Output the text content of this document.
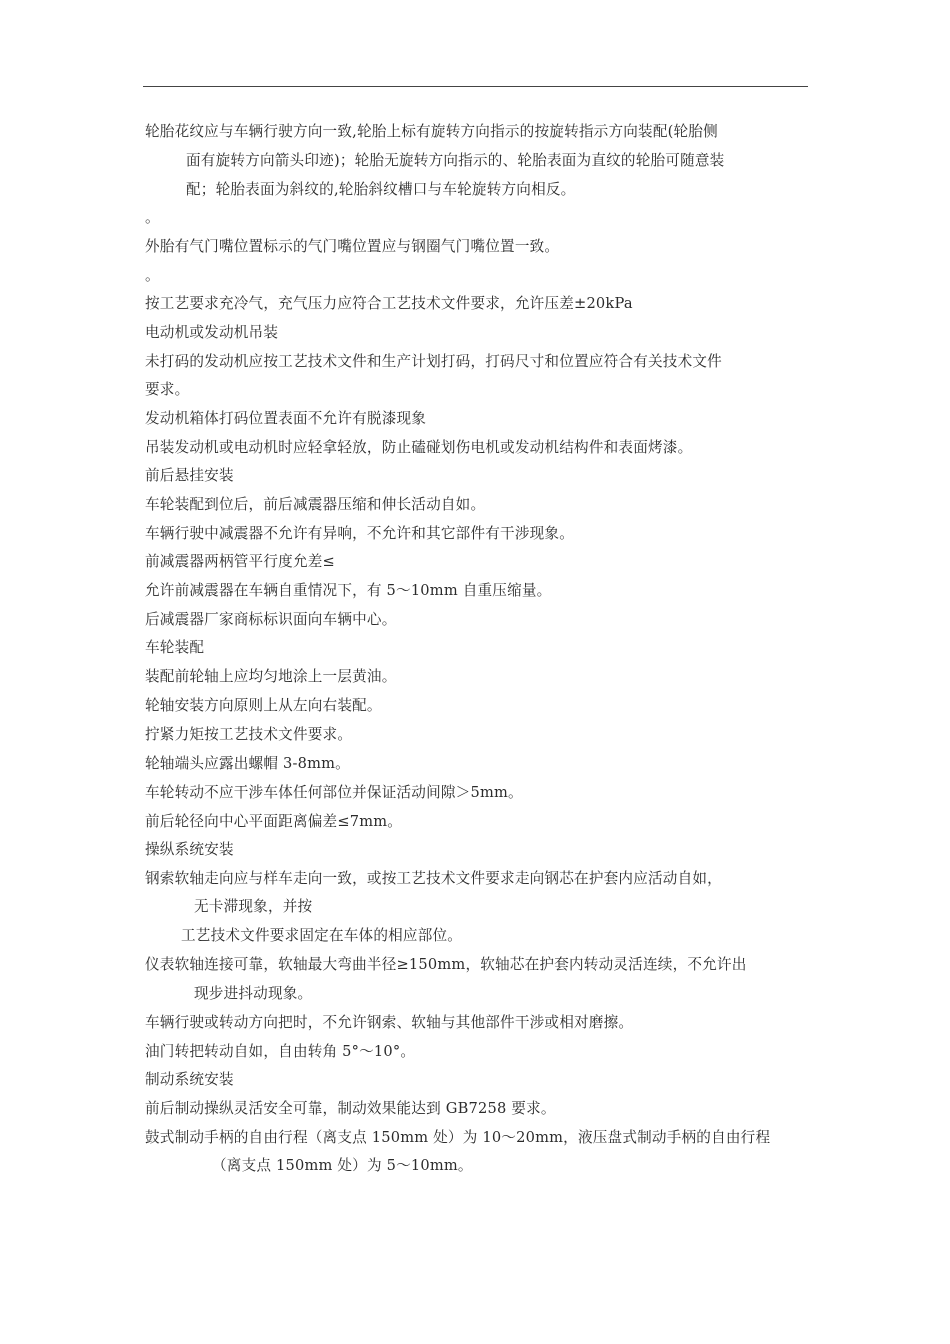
轮胎花纹应与车辆行驶方向一致,轮胎上标有旋转方向指示的按旋转指示方向装配(轮胎侧

面有旋转方向箭头印迹)；轮胎无旋转方向指示的、轮胎表面为直纹的轮胎可随意装

配；轮胎表面为斜纹的,轮胎斜纹槽口与车轮旋转方向相反。

。

外胎有气门嘴位置标示的气门嘴位置应与钢圈气门嘴位置一致。

。

按工艺要求充冷气，充气压力应符合工艺技术文件要求，允许压差±20kPa

电动机或发动机吊装

未打码的发动机应按工艺技术文件和生产计划打码，打码尺寸和位置应符合有关技术文件

要求。

发动机箱体打码位置表面不允许有脱漆现象

吊装发动机或电动机时应轻拿轻放，防止磕碰划伤电机或发动机结构件和表面烤漆。

前后悬挂安装

车轮装配到位后，前后减震器压缩和伸长活动自如。

车辆行驶中减震器不允许有异响，不允许和其它部件有干涉现象。

前减震器两柄管平行度允差≤

允许前减震器在车辆自重情况下，有 5～10mm 自重压缩量。

后减震器厂家商标标识面向车辆中心。

车轮装配

装配前轮轴上应均匀地涂上一层黄油。

轮轴安装方向原则上从左向右装配。

拧紧力矩按工艺技术文件要求。

轮轴端头应露出螺帽 3-8mm。

车轮转动不应干涉车体任何部位并保证活动间隙＞5mm。

前后轮径向中心平面距离偏差≤7mm。

操纵系统安装

钢索软轴走向应与样车走向一致，或按工艺技术文件要求走向钢芯在护套内应活动自如，

无卡滞现象，并按

工艺技术文件要求固定在车体的相应部位。

仪表软轴连接可靠，软轴最大弯曲半径≥150mm，软轴芯在护套内转动灵活连续，不允许出

现步进抖动现象。

车辆行驶或转动方向把时，不允许钢索、软轴与其他部件干涉或相对磨擦。

油门转把转动自如，自由转角 5°～10°。

制动系统安装

前后制动操纵灵活安全可靠，制动效果能达到 GB7258 要求。

鼓式制动手柄的自由行程（离支点 150mm 处）为 10～20mm，液压盘式制动手柄的自由行程

（离支点 150mm 处）为 5～10mm。
